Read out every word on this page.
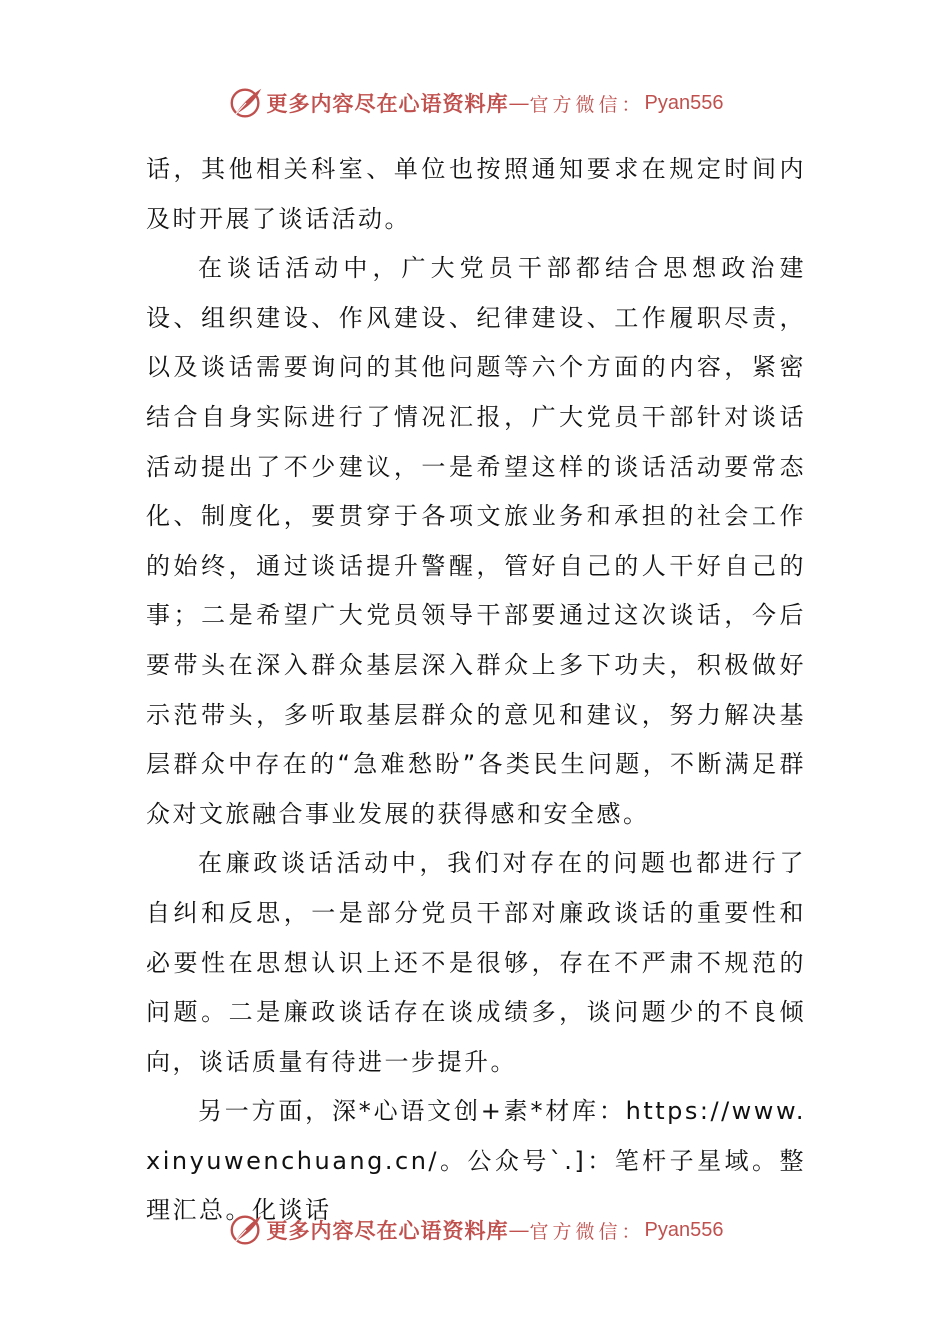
更多内容尽在心语资料库 — 官方微信： Pyan556

话，其他相关科室、单位也按照通知要求在规定时间内及时开展了谈话活动。

在谈话活动中，广大党员干部都结合思想政治建设、组织建设、作风建设、纪律建设、工作履职尽责，以及谈话需要询问的其他问题等六个方面的内容，紧密结合自身实际进行了情况汇报，广大党员干部针对谈话活动提出了不少建议，一是希望这样的谈话活动要常态化、制度化，要贯穿于各项文旅业务和承担的社会工作的始终，通过谈话提升警醒，管好自己的人干好自己的事；二是希望广大党员领导干部要通过这次谈话，今后要带头在深入群众基层深入群众上多下功夫，积极做好示范带头，多听取基层群众的意见和建议，努力解决基层群众中存在的“急难愁盼”各类民生问题，不断满足群众对文旅融合事业发展的获得感和安全感。

在廉政谈话活动中，我们对存在的问题也都进行了自纠和反思，一是部分党员干部对廉政谈话的重要性和必要性在思想认识上还不是很够，存在不严肃不规范的问题。二是廉政谈话存在谈成绩多，谈问题少的不良倾向，谈话质量有待进一步提升。

另一方面，深*心语文创+素*材库：https://www.xinyuwenchuang.cn/。公众号`.]：笔杆子星域。整理汇总。化谈话

更多内容尽在心语资料库 — 官方微信： Pyan556
